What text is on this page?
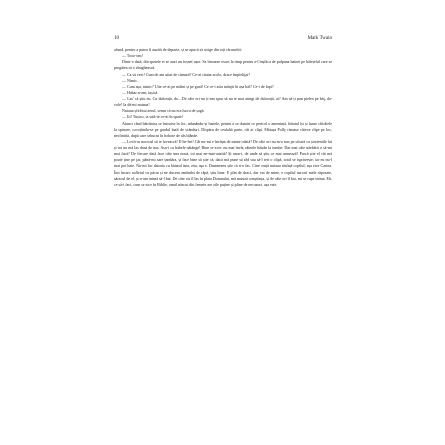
10	Mark Twain

afund, pentru a putea fi auzită de departe, și se apucă să strige din toți rărunchii:

— Tooo-om!

Dintr-o dată, din spatele ei se auzi un foșnet ușor. Se întoarse exact la timp pentru a-l înșfăca de pulpana hainei pe băiețelul care se pregătea să o zbughească.

— Ca să vezi! Cum de am uitat de cămară? Ce-ai căutat acolo, drace împieliţat?

— Nimic.

— Cum așa, nimic? Uite ce-ai pe mâini și pe gură! Ce ce-i asta mânjit în așa hal? Ce-i de fapt?

— Habar n-am, tușică.

— Las' că știu eu. Cu dulceață, da... De câte ori nu ți-am spus să nu te mai atingi de dulceață, ai? Am să-ți pun pielea pe băţ, da-vole! Ia dă-mi nuiaua!

Nuiaua șfichiui aerul, semn că nu era lucru de șagă.

— Iii! Tușico, ia uită-te ce-ai în spate!

Atunci când bătrânica se întoarse în loc, adunându-și fustele, pentru a se dumiri ce pericol o amenință, băiatul își și luase călcâiele la spinare, cocoțându-se pe gardul înalt de scânduri. Dispăru de cealaltă parte, cât ai clipi. Mătușa Polly rămase câteva clipe pe loc, neclintită, după care izbucni în hohote de râs blânde.

— Lovit-ar norocul să te lovească! E-he-hei! Cât nu-mi e învățat de minte odată? De câte ori nu m-a tras pe sfoară cu șireteniile lui și tot nu mă las dusă de nas. Așa-i cu babele nătânge! Bine se zice: nu mai învăț câinele bătrân la tumbe. Dar mai câte năzbâtii o să-mi mai facă? De fiecare dată face câte una nouă, tot mai ne-mai-auzită! Și amu-i, de unde să știu ce mai urmează? Parcă știe el cât mă poate ține pe jar, până-mi sare țandăra, și face bine să știe că, dacă mă pune să râd sau să-l iert o clipă, totul se isprăvește, iar eu nu-l mai pot bate. Nu-mi fac datoria cu băiatul ăsta, zău, așa e. Dumnezeu știe că n-o fac. Cine cruță nuiaua răsfață copilul, așa zice Cartea. Îmi încarc sufletul cu păcat și ne ducem amândoi de râpă, știu bine. E plin de draci, dar vai de mine, e copilul surorii mele răposate, săracul de el, și n-am inimă să-l bat. De câte ori îl las în plata Domnului, mă mustră conștiința, și de câte ori îl bat, mi se rupe inima. Eh, ce să-i faci, cum se zice în Biblie, omul născut din femeie are zile puține și pline de necazuri, așa este.
